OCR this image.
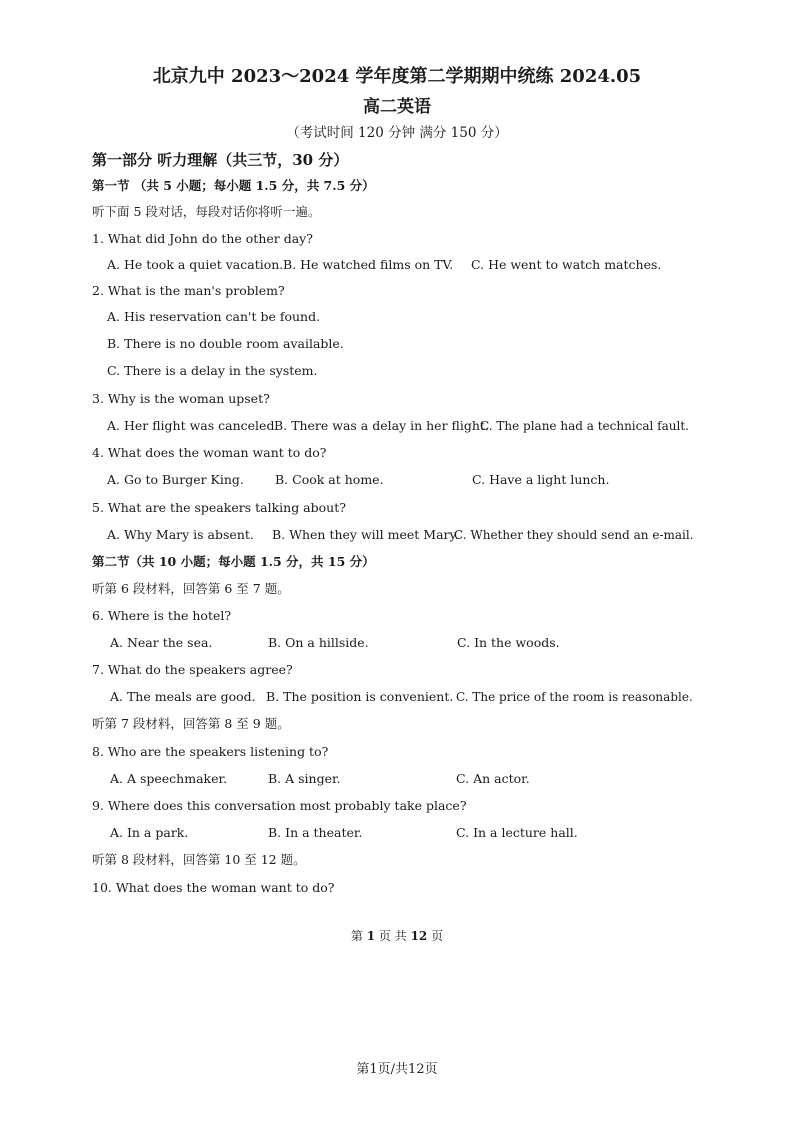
北京九中 2023～2024 学年度第二学期期中统练 2024.05
高二英语
（考试时间 120 分钟 满分 150 分）
第一部分 听力理解（共三节，30 分）
第一节 （共 5 小题；每小题 1.5 分，共 7.5 分）
听下面 5 段对话，每段对话你将听一遍。
1. What did John do the other day?
A. He took a quiet vacation. B. He watched films on TV. C. He went to watch matches.
2. What is the man's problem?
A. His reservation can't be found.
B. There is no double room available.
C. There is a delay in the system.
3. Why is the woman upset?
A. Her flight was canceled.
B. There was a delay in her flight.
C. The plane had a technical fault.
4. What does the woman want to do?
A. Go to Burger King. B. Cook at home.	C. Have a light lunch.
5. What are the speakers talking about?
A. Why Mary is absent. B. When they will meet Mary.
C. Whether they should send an e-mail.
第二节（共 10 小题；每小题 1.5 分，共 15 分）
听第 6 段材料，回答第 6 至 7 题。
6. Where is the hotel?
A. Near the sea.	B. On a hillside.	C. In the woods.
7. What do the speakers agree?
A. The meals are good. B. The position is convenient. C. The price of the room is reasonable.
听第 7 段材料，回答第 8 至 9 题。
8. Who are the speakers listening to?
A. A speechmaker.	B. A singer.	C. An actor.
9. Where does this conversation most probably take place?
A. In a park.	B. In a theater.	C. In a lecture hall.
听第 8 段材料，回答第 10 至 12 题。
10. What does the woman want to do?
第 1 页 共 12 页
第1页/共12页
